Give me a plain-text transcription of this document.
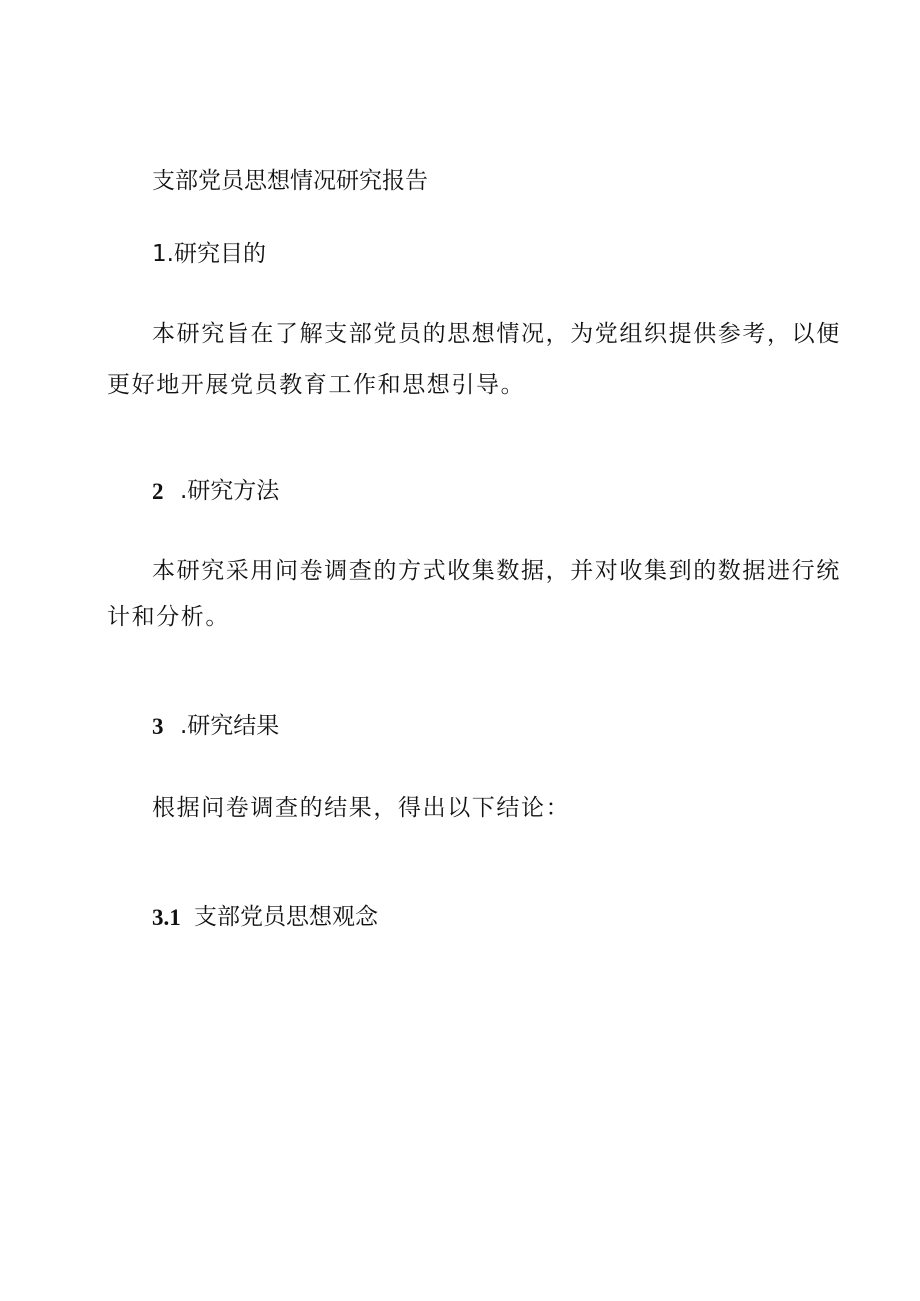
支部党员思想情况研究报告
1.研究目的
本研究旨在了解支部党员的思想情况，为党组织提供参考，以便
更好地开展党员教育工作和思想引导。
2 .研究方法
本研究采用问卷调查的方式收集数据，并对收集到的数据进行统
计和分析。
3 .研究结果
根据问卷调查的结果，得出以下结论：
3.1 支部党员思想观念
